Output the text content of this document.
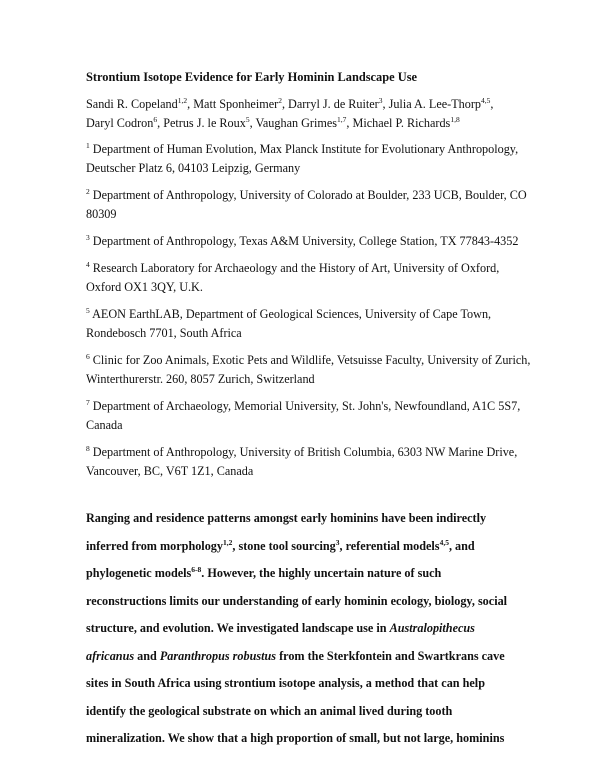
Strontium Isotope Evidence for Early Hominin Landscape Use
Sandi R. Copeland$^{1,2}$, Matt Sponheimer$^2$, Darryl J. de Ruiter$^3$, Julia A. Lee-Thorp$^{4,5}$, Daryl Codron$^6$, Petrus J. le Roux$^5$, Vaughan Grimes$^{1,7}$, Michael P. Richards$^{1,8}$
$^1$ Department of Human Evolution, Max Planck Institute for Evolutionary Anthropology, Deutscher Platz 6, 04103 Leipzig, Germany
$^2$ Department of Anthropology, University of Colorado at Boulder, 233 UCB, Boulder, CO 80309
$^3$ Department of Anthropology, Texas A&M University, College Station, TX 77843-4352
$^4$ Research Laboratory for Archaeology and the History of Art, University of Oxford, Oxford OX1 3QY, U.K.
$^5$ AEON EarthLAB, Department of Geological Sciences, University of Cape Town, Rondebosch 7701, South Africa
$^6$ Clinic for Zoo Animals, Exotic Pets and Wildlife, Vetsuisse Faculty, University of Zurich, Winterthurerstr. 260, 8057 Zurich, Switzerland
$^7$ Department of Archaeology, Memorial University, St. John's, Newfoundland, A1C 5S7, Canada
$^8$ Department of Anthropology, University of British Columbia, 6303 NW Marine Drive, Vancouver, BC, V6T 1Z1, Canada
Ranging and residence patterns amongst early hominins have been indirectly
inferred from morphology$^{1,2}$, stone tool sourcing$^3$, referential models$^{4,5}$, and
phylogenetic models$^{6-8}$. However, the highly uncertain nature of such
reconstructions limits our understanding of early hominin ecology, biology, social
structure, and evolution. We investigated landscape use in Australopithecus
africanus and Paranthropus robustus from the Sterkfontein and Swartkrans cave
sites in South Africa using strontium isotope analysis, a method that can help
identify the geological substrate on which an animal lived during tooth
mineralization. We show that a high proportion of small, but not large, hominins
